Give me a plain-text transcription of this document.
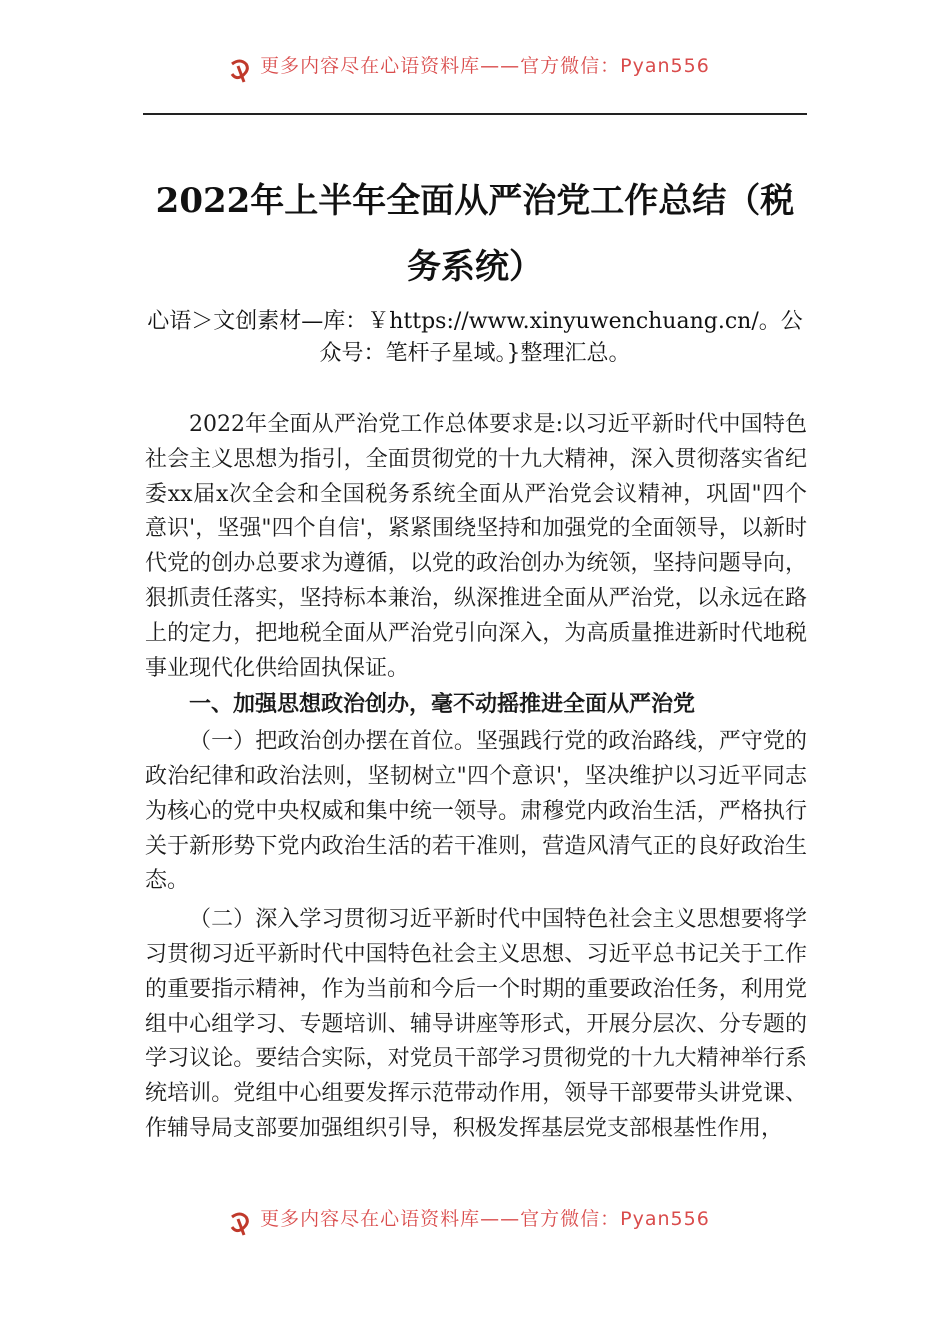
更多内容尽在心语资料库——官方微信：Pyan556
2022年上半年全面从严治党工作总结（税务系统）

心语＞文创素材—库：￥https://www.xinyuwenchuang.cn/。公众号：笔杆子星域。}整理汇总。

2022年全面从严治党工作总体要求是:以习近平新时代中国特色社会主义思想为指引，全面贯彻党的十九大精神，深入贯彻落实省纪委xx届x次全会和全国税务系统全面从严治党会议精神，巩固"四个意识'，坚强"四个自信'，紧紧围绕坚持和加强党的全面领导，以新时代党的创办总要求为遵循，以党的政治创办为统领，坚持问题导向，狠抓责任落实，坚持标本兼治，纵深推进全面从严治党，以永远在路上的定力，把地税全面从严治党引向深入，为高质量推进新时代地税事业现代化供给固执保证。

一、加强思想政治创办，毫不动摇推进全面从严治党

（一）把政治创办摆在首位。坚强践行党的政治路线，严守党的政治纪律和政治法则，坚韧树立"四个意识'，坚决维护以习近平同志为核心的党中央权威和集中统一领导。肃穆党内政治生活，严格执行关于新形势下党内政治生活的若干准则，营造风清气正的良好政治生态。

（二）深入学习贯彻习近平新时代中国特色社会主义思想要将学习贯彻习近平新时代中国特色社会主义思想、习近平总书记关于工作的重要指示精神，作为当前和今后一个时期的重要政治任务，利用党组中心组学习、专题培训、辅导讲座等形式，开展分层次、分专题的学习议论。要结合实际，对党员干部学习贯彻党的十九大精神举行系统培训。党组中心组要发挥示范带动作用，领导干部要带头讲党课、作辅导局支部要加强组织引导，积极发挥基层党支部根基性作用，

更多内容尽在心语资料库——官方微信：Pyan556
